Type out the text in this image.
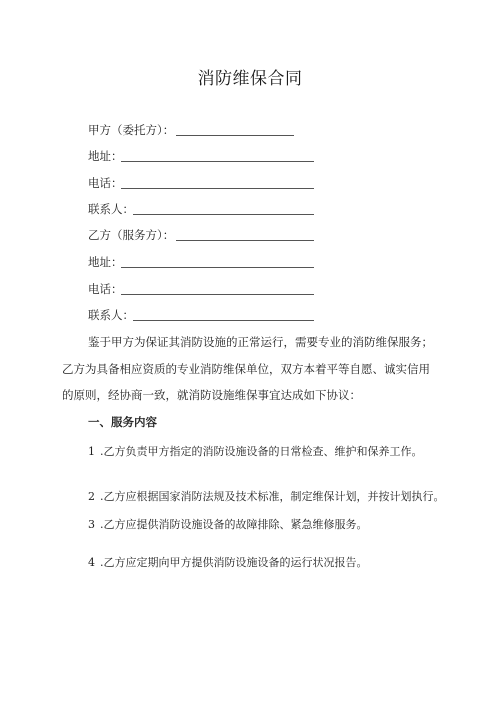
消防维保合同
甲方（委托方）：
地址：
电话：
联系人：
乙方（服务方）：
地址：
电话：
联系人：
鉴于甲方为保证其消防设施的正常运行，需要专业的消防维保服务；
乙方为具备相应资质的专业消防维保单位，双方本着平等自愿、诚实信用
的原则，经协商一致，就消防设施维保事宜达成如下协议：
一、服务内容
1 .乙方负责甲方指定的消防设施设备的日常检查、维护和保养工作。
2 .乙方应根据国家消防法规及技术标准，制定维保计划，并按计划执行。
3 .乙方应提供消防设施设备的故障排除、紧急维修服务。
4 .乙方应定期向甲方提供消防设施设备的运行状况报告。
